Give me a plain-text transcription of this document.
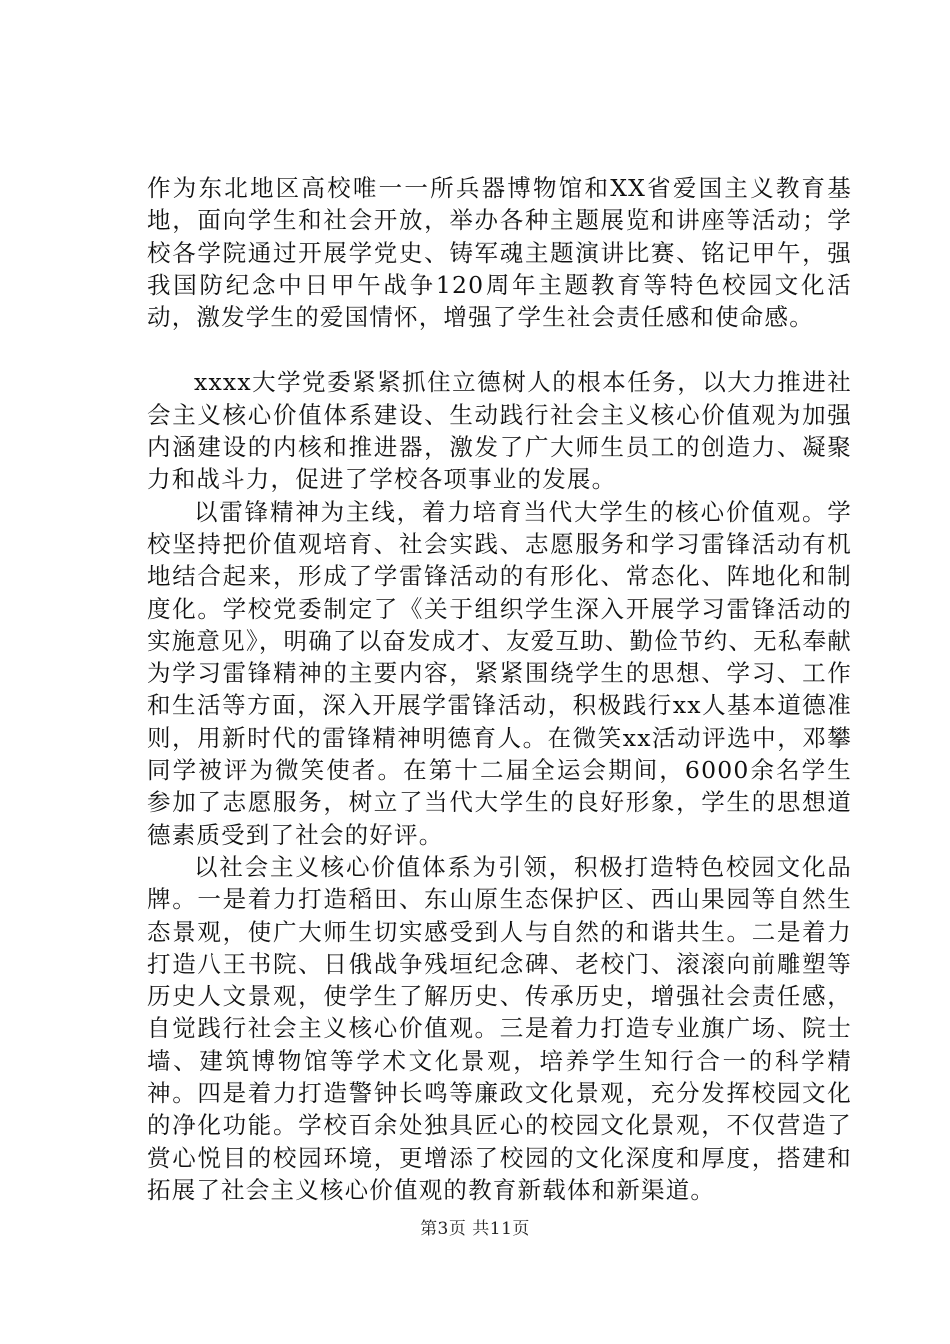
作为东北地区高校唯一一所兵器博物馆和XX省爱国主义教育基地，面向学生和社会开放，举办各种主题展览和讲座等活动；学校各学院通过开展学党史、铸军魂主题演讲比赛、铭记甲午，强我国防纪念中日甲午战争120周年主题教育等特色校园文化活动，激发学生的爱国情怀，增强了学生社会责任感和使命感。

xxxx大学党委紧紧抓住立德树人的根本任务，以大力推进社会主义核心价值体系建设、生动践行社会主义核心价值观为加强内涵建设的内核和推进器，激发了广大师生员工的创造力、凝聚力和战斗力，促进了学校各项事业的发展。

以雷锋精神为主线，着力培育当代大学生的核心价值观。学校坚持把价值观培育、社会实践、志愿服务和学习雷锋活动有机地结合起来，形成了学雷锋活动的有形化、常态化、阵地化和制度化。学校党委制定了《关于组织学生深入开展学习雷锋活动的实施意见》，明确了以奋发成才、友爱互助、勤俭节约、无私奉献为学习雷锋精神的主要内容，紧紧围绕学生的思想、学习、工作和生活等方面，深入开展学雷锋活动，积极践行xx人基本道德准则，用新时代的雷锋精神明德育人。在微笑xx活动评选中，邓攀同学被评为微笑使者。在第十二届全运会期间，6000余名学生参加了志愿服务，树立了当代大学生的良好形象，学生的思想道德素质受到了社会的好评。

以社会主义核心价值体系为引领，积极打造特色校园文化品牌。一是着力打造稻田、东山原生态保护区、西山果园等自然生态景观，使广大师生切实感受到人与自然的和谐共生。二是着力打造八王书院、日俄战争残垣纪念碑、老校门、滚滚向前雕塑等历史人文景观，使学生了解历史、传承历史，增强社会责任感，自觉践行社会主义核心价值观。三是着力打造专业旗广场、院士墙、建筑博物馆等学术文化景观，培养学生知行合一的科学精神。四是着力打造警钟长鸣等廉政文化景观，充分发挥校园文化的净化功能。学校百余处独具匠心的校园文化景观，不仅营造了赏心悦目的校园环境，更增添了校园的文化深度和厚度，搭建和拓展了社会主义核心价值观的教育新载体和新渠道。

第3页 共11页
